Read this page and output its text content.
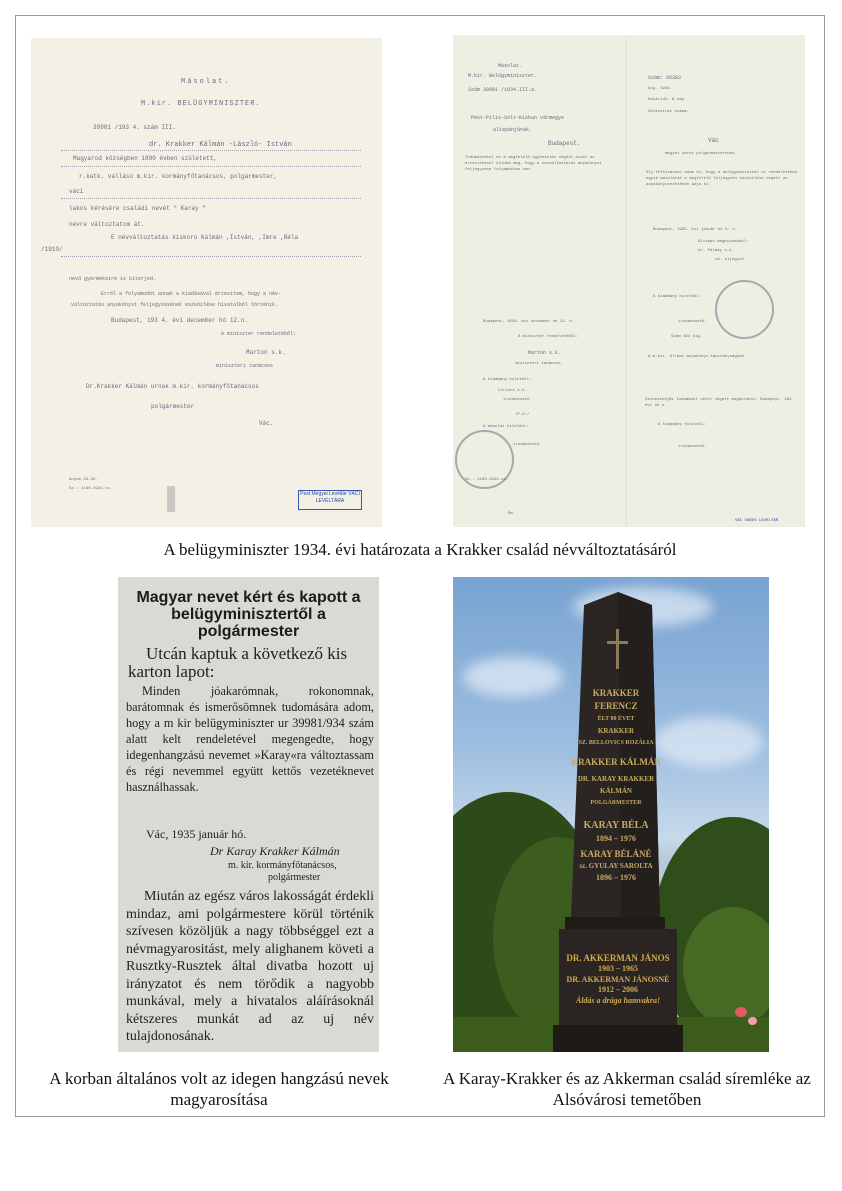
Másolat.
M.kir. BELÜGYMINISZTER.
39981 /193 4. szám III.
dr. Krakker Kálmán -László- István
Magyarod községben 1890 évben született,
r.katk. vallású m.kir. kormányfőtanácsos, polgármester,
váci
lakos kérésére családi nevét " Karay "
névre változtatom át.
E névváltoztatás kiskorú Kálmán ,István, ,Imre ,Béla
/1910/
nevű gyermekeire is kiterjed.
Erről a folyamodót annak a kiadásával értesítem, hogy a név-
változtatás anyakönyvi feljegyzésének eszközlése hivatalból történik.
Budapest, 193 4. évi december hó 12.n.
A miniszter rendeletéből:
Marton s.k.
miniszteri tanácsos
Dr.Krakker Kálmán urnak m.kir. kormányfőtanácsos
polgármester
Vác.
Anyak.33-30.
Sz.: 1180-1934.sz.
Pest Megyei Levéltár VÁCI LEVÉLTÁRA
Másolat.
M.kir. Belügyminiszter.
Szám 39981 /1934.III.a.
Pest-Pilis-Solt-Kiskun vármegye
alispánjának.
Budapest.
Tudomásvétel és a megfelelő ügykezelés végett azzal az értesítéssel küldöm meg, hogy a névváltoztatás anyakönyvi feljegyzése folyamatban van.
Szám: 66383
kig. 1934.
Határidő: 8 nap.
Válaszirat száma:
Vác
megyei város polgármesterének.
Oly felhívással adom ki, hogy a belügyminiszter ur rendeletének egyik másolatát a megfelelő feljegyzés eszközlése végett az anyakönyvvezetőnek adja ki.
Budapest, 1935. évi január hó 3. n.
Alispán megbízásából:
dr. Pálmay s.k.
vm. aljegyző.
A kiadmány hiteléül:
irodavezető.
Szám 193 kig.
Á.m.kir. Állami anyakönyv kapitányságnak.
Szíveskedjék tudomásul vétel végett megküldeni. Budapest, 193 . évi hó n.
A kiadmány hiteléül:
irodavezető.
Budapest, 1934. évi december hó 12. n.
A miniszter rendeletéből:
Marton s.k.
miniszteri tanácsos.
A kiadmány hiteléül:
Lőrincz s.k.
irodavezető.
/P.H./
A másolat hiteléül:
irodavezető.
Sz.: 1180-1934.sz.
Ra.
VÁC VÁROS LEVÉLTÁR
A belügyminiszter 1934. évi határozata a Krakker család névváltoztatásáról
Magyar nevet kért és kapott a belügyminisztertől a polgármester
Utcán kaptuk a következő kis karton lapot:
Minden jóakarómnak, rokonomnak, barátomnak és ismerősömnek tudomására adom, hogy a m kir belügyminiszter ur 39981/934 szám alatt kelt rendeletével megengedte, hogy idegenhangzású nevemet »Karay«ra változtassam és régi nevemmel együtt kettős vezetéknevet használhassak.
Vác, 1935 január hó.
Dr Karay Krakker Kálmán
m. kir. kormányfőtanácsos,
polgármester
Miután az egész város lakosságát érdekli mindaz, ami polgármestere körül történik szívesen közöljük a nagy többséggel ezt a névmagyarositást, mely alighanem követi a Rusztky-Rusztek által divatba hozott uj irányzatot és nem törődik a nagyobb munkával, mely a hivatalos aláírásoknál kétszeres munkát ad az uj név tulajdonosának.
KRAKKER FERENCZ
ÉLT 80 ÉVET
KRAKKER
SZ. BELLOVICS ROZÁLIA
KRAKKER KÁLMÁN
DR. KARAY KRAKKER KÁLMÁN
POLGÁRMESTER
KARAY BÉLA
1894 – 1976
KARAY BÉLÁNÉ
sz. GYULAY SAROLTA
1896 – 1976
DR. AKKERMAN JÁNOS
1903 – 1965
DR. AKKERMAN JÁNOSNÉ
1912 – 2006
Áldás a drága hamvakra!
A korban általános volt az idegen hangzású nevek magyarosítása
A Karay-Krakker és az Akkerman család síremléke az Alsóvárosi temetőben
